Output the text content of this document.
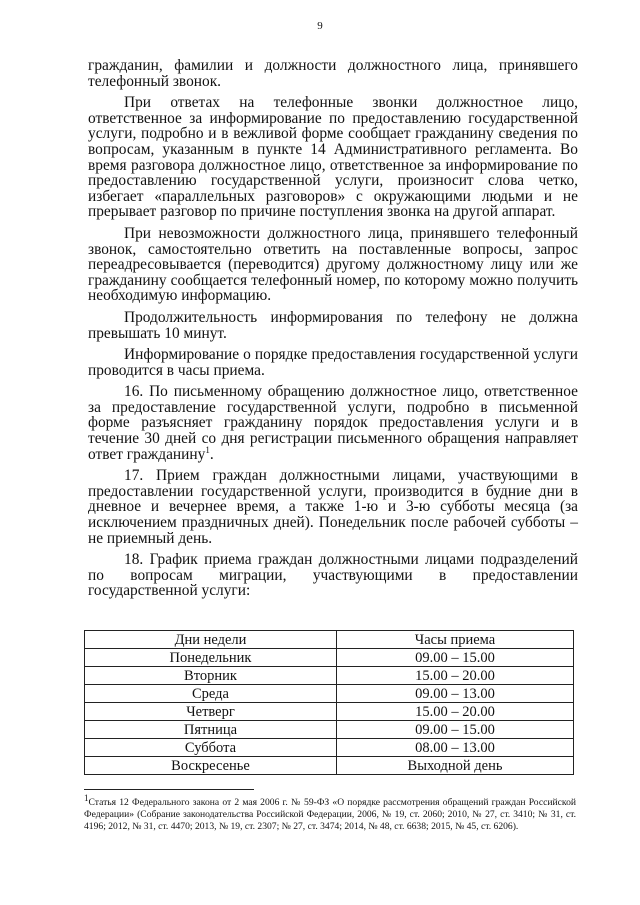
9

гражданин, фамилии и должности должностного лица, принявшего телефонный звонок.

При ответах на телефонные звонки должностное лицо, ответственное за информирование по предоставлению государственной услуги, подробно и в вежливой форме сообщает гражданину сведения по вопросам, указанным в пункте 14 Административного регламента. Во время разговора должностное лицо, ответственное за информирование по предоставлению государственной услуги, произносит слова четко, избегает «параллельных разговоров» с окружающими людьми и не прерывает разговор по причине поступления звонка на другой аппарат.

При невозможности должностного лица, принявшего телефонный звонок, самостоятельно ответить на поставленные вопросы, запрос переадресовывается (переводится) другому должностному лицу или же гражданину сообщается телефонный номер, по которому можно получить необходимую информацию.

Продолжительность информирования по телефону не должна превышать 10 минут.

Информирование о порядке предоставления государственной услуги проводится в часы приема.

16. По письменному обращению должностное лицо, ответственное за предоставление государственной услуги, подробно в письменной форме разъясняет гражданину порядок предоставления услуги и в течение 30 дней со дня регистрации письменного обращения направляет ответ гражданину$^1$.

17. Прием граждан должностными лицами, участвующими в предоставлении государственной услуги, производится в будние дни в дневное и вечернее время, а также 1-ю и 3-ю субботы месяца (за исключением праздничных дней). Понедельник после рабочей субботы – не приемный день.

18. График приема граждан должностными лицами подразделений по вопросам миграции, участвующими в предоставлении государственной услуги:

Дни недели	Часы приема
Понедельник	09.00 – 15.00
Вторник	15.00 – 20.00
Среда	09.00 – 13.00
Четверг	15.00 – 20.00
Пятница	09.00 – 15.00
Суббота	08.00 – 13.00
Воскресенье	Выходной день
$^1$Статья 12 Федерального закона от 2 мая 2006 г. № 59-ФЗ «О порядке рассмотрения обращений граждан Российской Федерации» (Собрание законодательства Российской Федерации, 2006, № 19, ст. 2060; 2010, № 27, ст. 3410; № 31, ст. 4196; 2012, № 31, ст. 4470; 2013, № 19, ст. 2307; № 27, ст. 3474; 2014, № 48, ст. 6638; 2015, № 45, ст. 6206).
